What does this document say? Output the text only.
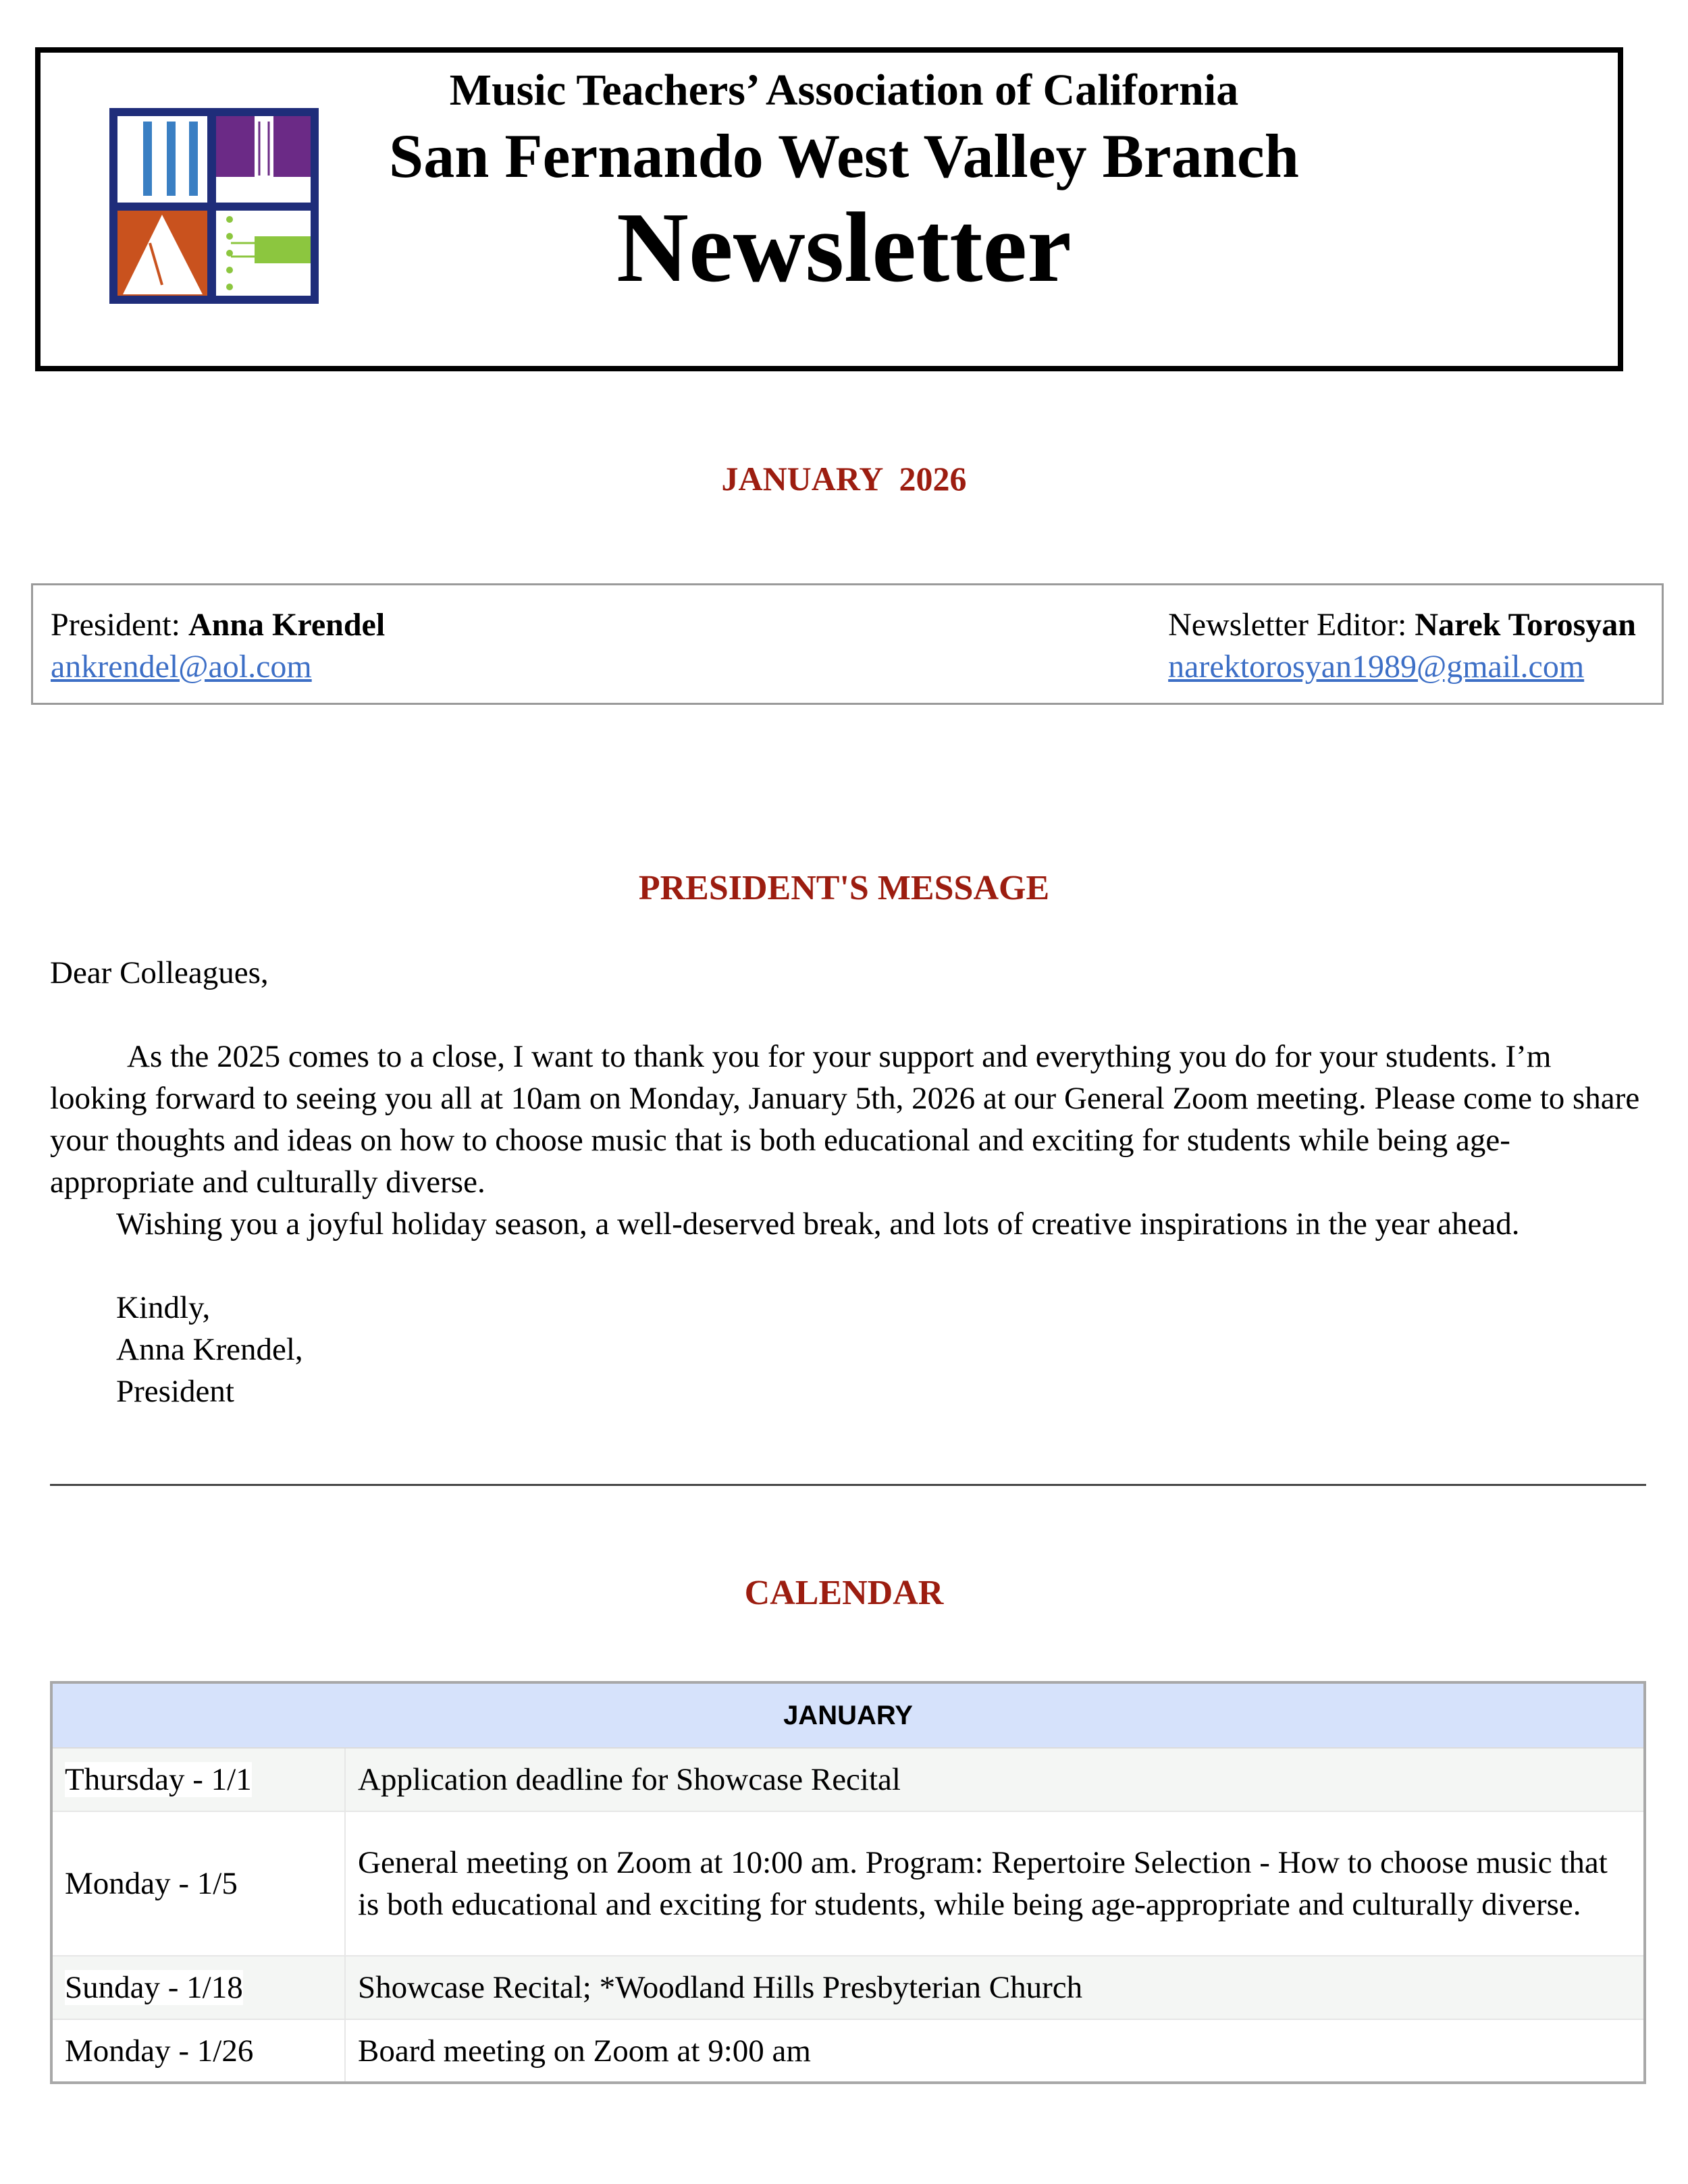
Music Teachers’ Association of California
San Fernando West Valley Branch
Newsletter
JANUARY  2026
President: Anna Krendel
ankrendel@aol.com
Newsletter Editor: Narek Torosyan
narektorosyan1989@gmail.com
PRESIDENT'S MESSAGE
Dear Colleagues,
As the 2025 comes to a close, I want to thank you for your support and everything you do for your students. I’m looking forward to seeing you all at 10am on Monday, January 5th, 2026 at our General Zoom meeting. Please come to share your thoughts and ideas on how to choose music that is both educational and exciting for students while being age-appropriate and culturally diverse.
Wishing you a joyful holiday season, a well-deserved break, and lots of creative inspirations in the year ahead.
Kindly,
Anna Krendel,
President
CALENDAR
JANUARY	
Thursday - 1/1	Application deadline for Showcase Recital
Monday - 1/5	General meeting on Zoom at 10:00 am. Program: Repertoire Selection - How to choose music that is both educational and exciting for students, while being age-appropriate and culturally diverse.
Sunday - 1/18	Showcase Recital; *Woodland Hills Presbyterian Church
Monday - 1/26	Board meeting on Zoom at 9:00 am
